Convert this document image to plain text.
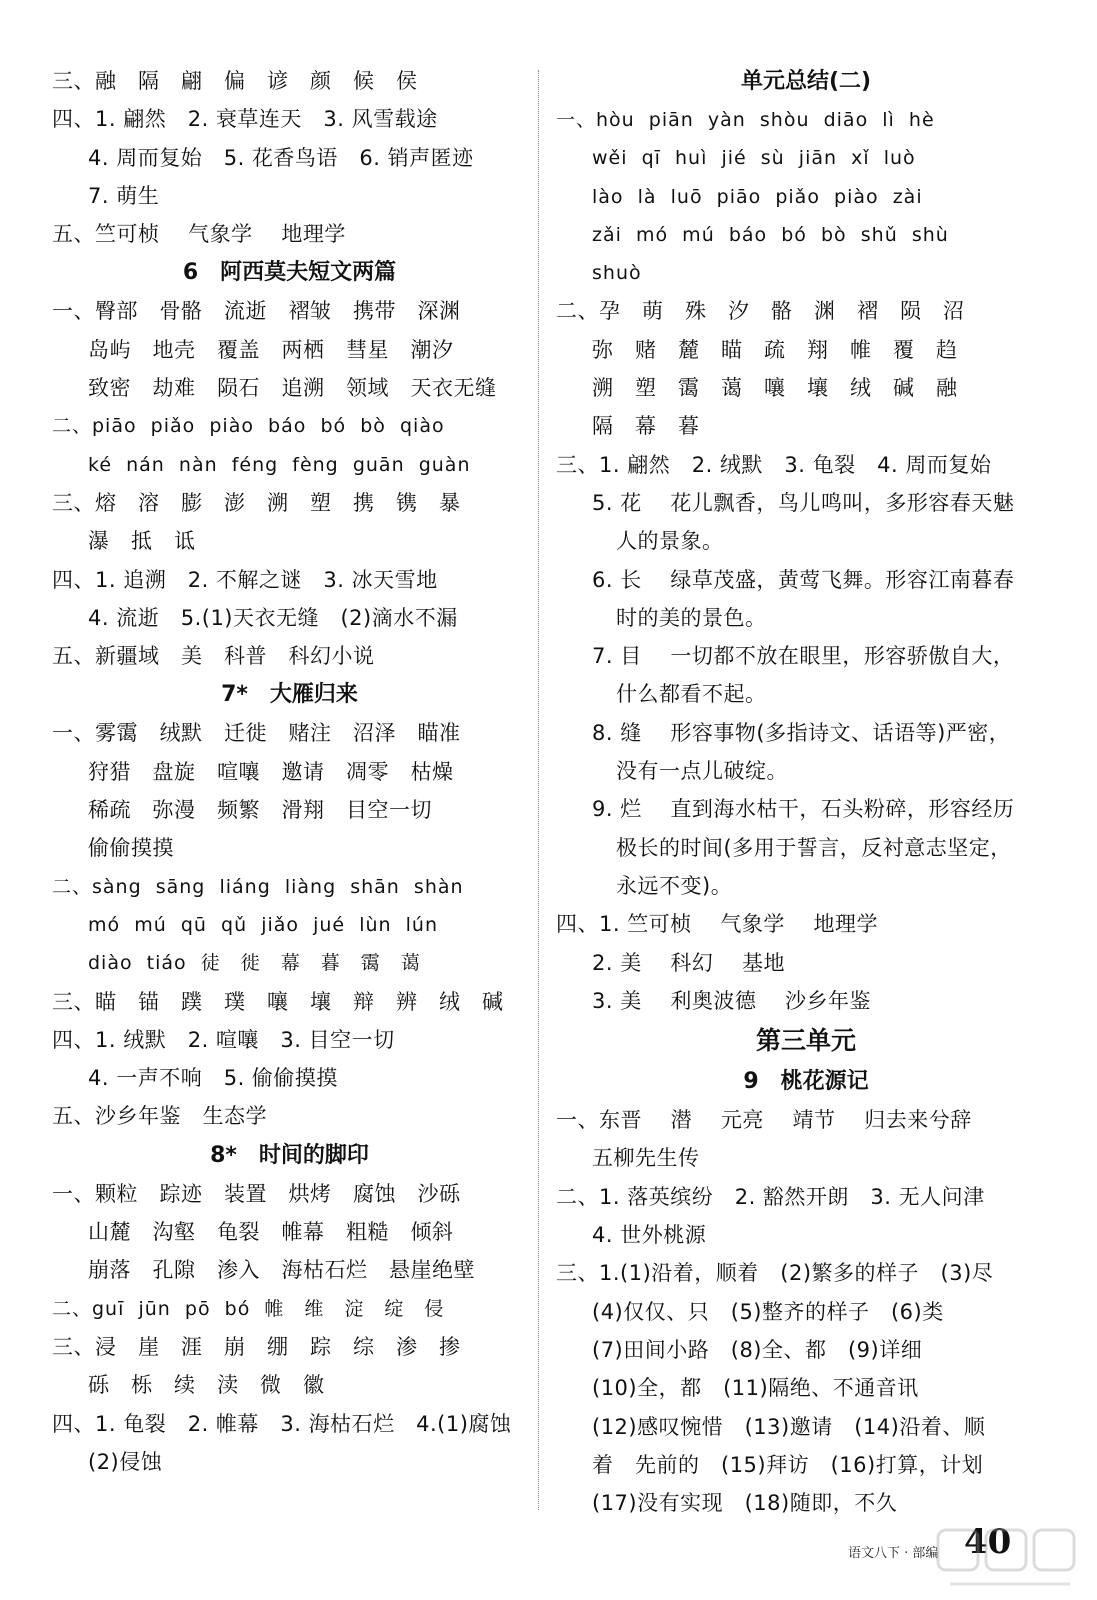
三、融　隔　翩　偏　谚　颜　候　侯
四、1. 翩然　2. 衰草连天　3. 风雪载途
4. 周而复始　5. 花香鸟语　6. 销声匿迹
7. 萌生
五、竺可桢　 气象学　 地理学
6　阿西莫夫短文两篇
一、臀部　骨骼　流逝　褶皱　携带　深渊
岛屿　地壳　覆盖　两栖　彗星　潮汐
致密　劫难　陨石　追溯　领域　天衣无缝
二、piāo  piǎo  piào  báo  bó  bò  qiào
ké  nán  nàn  féng  fèng  guān  guàn
三、熔　溶　膨　澎　溯　塑　携　镌　暴
瀑　抵　诋
四、1. 追溯　2. 不解之谜　3. 冰天雪地
4. 流逝　5.(1)天衣无缝　(2)滴水不漏
五、新疆域　美　科普　科幻小说
7*　大雁归来
一、雾霭　绒默　迁徙　赌注　沼泽　瞄准
狩猎　盘旋　喧嚷　邀请　凋零　枯燥
稀疏　弥漫　频繁　滑翔　目空一切
偷偷摸摸
二、sàng  sāng  liáng  liàng  shān  shàn
mó  mú  qū  qǔ  jiǎo  jué  lùn  lún
diào  tiáo  徒　徙　幕　暮　霭　蔼
三、瞄　锚　蹼　璞　嚷　壤　辩　辨　绒　碱
四、1. 绒默　2. 喧嚷　3. 目空一切
4. 一声不响　5. 偷偷摸摸
五、沙乡年鉴　生态学
8*　时间的脚印
一、颗粒　踪迹　装置　烘烤　腐蚀　沙砾
山麓　沟壑　龟裂　帷幕　粗糙　倾斜
崩落　孔隙　渗入　海枯石烂　悬崖绝壁
二、guī  jūn  pō  bó  帷　维　淀　绽　侵
三、浸　崖　涯　崩　绷　踪　综　渗　掺
砾　栎　续　渎　微　徽
四、1. 龟裂　2. 帷幕　3. 海枯石烂　4.(1)腐蚀
(2)侵蚀
单元总结(二)
一、hòu  piān  yàn  shòu  diāo  lì  hè
wěi  qī  huì  jié  sù  jiān  xǐ  luò
lào  là  luō  piāo  piǎo  piào  zài
zǎi  mó  mú  báo  bó  bò  shǔ  shù
shuò
二、孕　萌　殊　汐　骼　渊　褶　陨　沼
弥　赌　麓　瞄　疏　翔　帷　覆　趋
溯　塑　霭　蔼　嚷　壤　绒　碱　融
隔　幕　暮
三、1. 翩然　2. 绒默　3. 龟裂　4. 周而复始
5. 花　 花儿飘香，鸟儿鸣叫，多形容春天魅
人的景象。
6. 长　 绿草茂盛，黄莺飞舞。形容江南暮春
时的美的景色。
7. 目　 一切都不放在眼里，形容骄傲自大，
什么都看不起。
8. 缝　 形容事物(多指诗文、话语等)严密，
没有一点儿破绽。
9. 烂　 直到海水枯干，石头粉碎，形容经历
极长的时间(多用于誓言，反衬意志坚定，
永远不变)。
四、1. 竺可桢　 气象学　 地理学
2. 美　 科幻　 基地
3. 美　 利奥波德　 沙乡年鉴
第三单元
9　桃花源记
一、东晋　 潜　 元亮　 靖节　 归去来兮辞
五柳先生传
二、1. 落英缤纷　2. 豁然开朗　3. 无人问津
4. 世外桃源
三、1.(1)沿着，顺着　(2)繁多的样子　(3)尽
(4)仅仅、只　(5)整齐的样子　(6)类
(7)田间小路　(8)全、都　(9)详细
(10)全，都　(11)隔绝、不通音讯
(12)感叹惋惜　(13)邀请　(14)沿着、顺
着　先前的　(15)拜访　(16)打算，计划
(17)没有实现　(18)随即，不久
语文八下 · 部编 40
